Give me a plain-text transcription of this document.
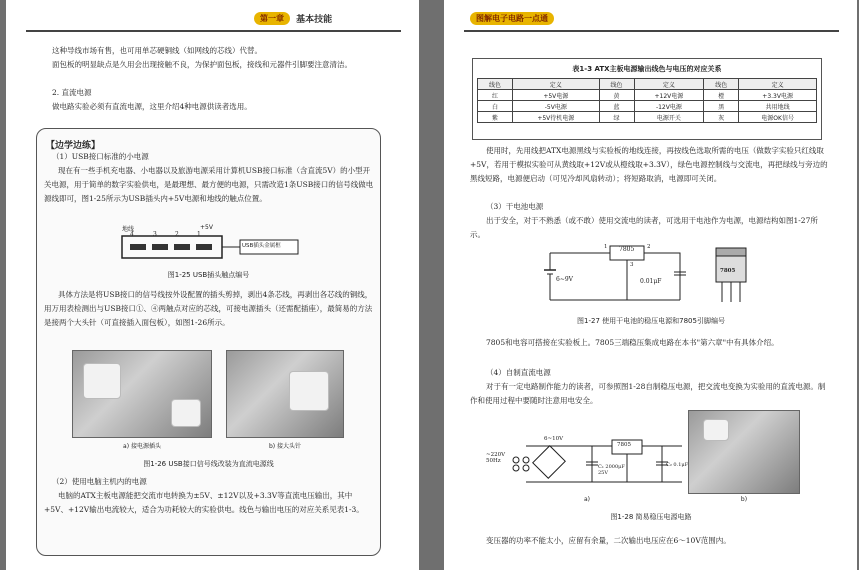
第一章 基本技能

这种导线市场有售，也可用单芯硬铜线（如网线的芯线）代替。

面包板的明显缺点是久用会出现接触不良，为保护面包板，接线和元器件引脚要注意清洁。

2. 直流电源

做电路实验必须有直流电源，这里介绍4种电源供读者选用。

【边学边练】

（1）USB接口标准的小电源

现在有一些手机充电器、小电器以及旅游电源采用计算机USB接口标准（含直流5V）的小型开关电源，用于简单的数字实验供电，是最理想、最方便的电源，只需改造1条USB接口的信号线做电源线即可，图1-25所示为USB插头内+5V电源和地线的触点位置。

地线	+5V
4	3	2	1
USB插头金属框
图1-25 USB插头触点编号

具体方法是将USB接口的信号线按外设配置的插头剪掉，剥出4条芯线，再剥出各芯线的铜线，用万用表检测出与USB接口①、④两触点对应的芯线，可接电源插头（还需配插座），最简易的方法是接两个大头针（可直接插入面包板），如图1-26所示。

a) 接电源插头	b) 接大头针
图1-26 USB接口信号线改装为直流电源线

（2）使用电脑主机内的电源

电脑的ATX主板电源能把交流市电转换为±5V、±12V以及+3.3V等直流电压输出，其中+5V、+12V输出电流较大，适合为功耗较大的实验供电。线色与输出电压的对应关系见表1-3。

图解电子电路一点通
表1-3 ATX主板电源输出线色与电压的对应关系
线色	定义	线色	定义	线色	定义
红	+5V电源	黄	+12V电源	橙	+3.3V电源
白	-5V电源	蓝	-12V电源	黑	共用地线
紫	+5V待机电源	绿	电源开关	灰	电源OK信号

使用时，先用线把ATX电源黑线与实验板的地线连接，再按线色选取所需的电压（做数字实验只红线取+5V，若用于模拟实验可从黄线取+12V或从橙线取+3.3V），绿色电源控制线与交流电，再把绿线与旁边的黑线短路，电源便启动（可见冷却风扇转动）；将短路取消，电源即可关闭。

（3）干电池电源

出于安全，对于不熟悉（或不敢）使用交流电的读者，可选用干电池作为电源，电源结构如图1-27所示。

7805
1	2
3
6~9V	0.01μF
7805
图1-27 使用干电池的稳压电源和7805引脚编号

7805和电容可搭接在实验板上。7805三端稳压集成电路在本书"第六章"中有具体介绍。

（4）自制直流电源

对于有一定电路制作能力的读者，可参照图1-28自制稳压电源，把交流电变换为实验用的直流电源。制作和使用过程中要随时注意用电安全。

~220V 50Hz
6~10V
7805
C₁ 2000μF 25V
C₂ 0.1μF
a)	b)
图1-28 简易稳压电源电路

变压器的功率不能太小，应留有余量，二次输出电压应在6～10V范围内。
